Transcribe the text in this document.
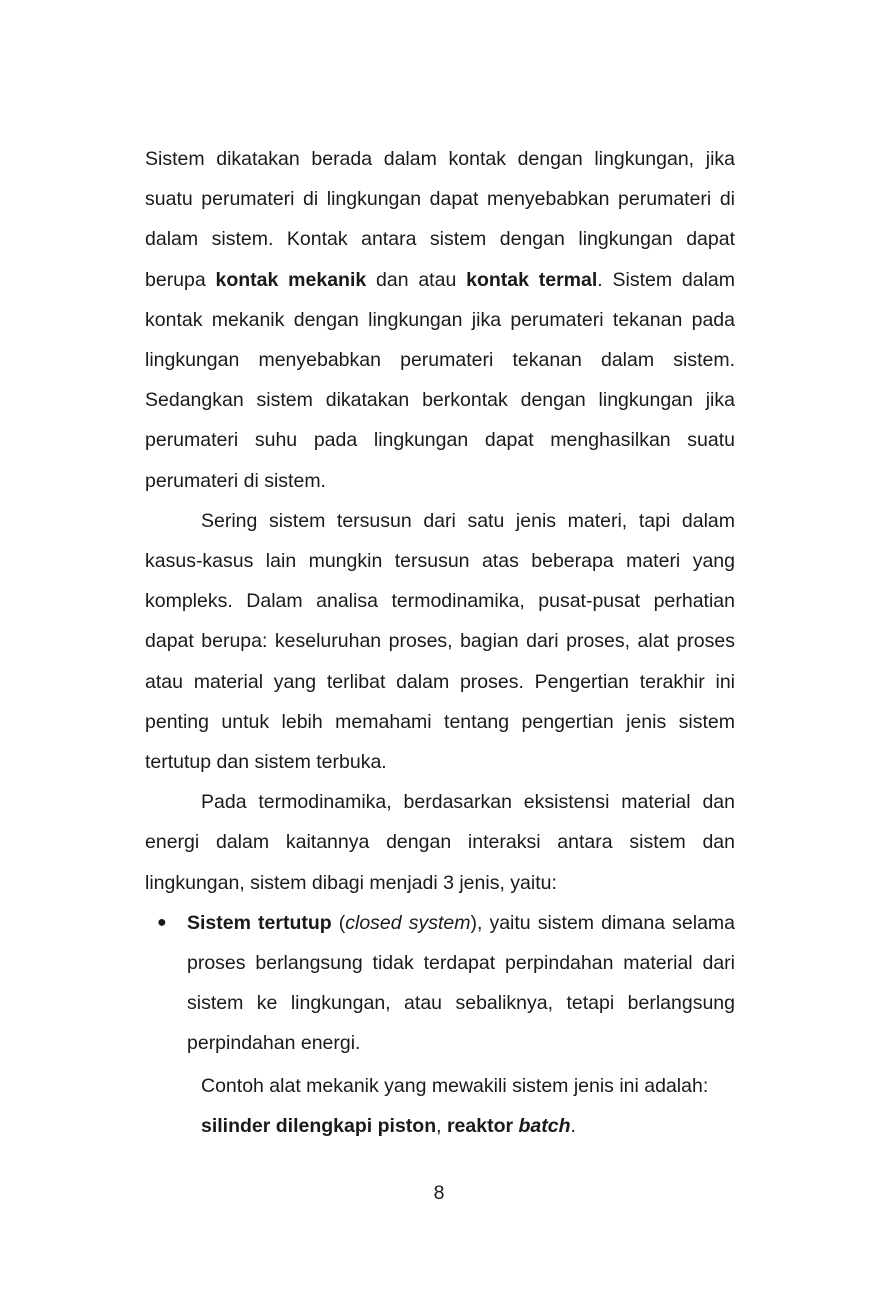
Sistem dikatakan berada dalam kontak dengan lingkungan, jika suatu perumateri di lingkungan dapat menyebabkan perumateri di dalam sistem. Kontak antara sistem dengan lingkungan dapat berupa kontak mekanik dan atau kontak termal. Sistem dalam kontak mekanik dengan lingkungan jika perumateri tekanan pada lingkungan menyebabkan perumateri tekanan dalam sistem. Sedangkan sistem dikatakan berkontak dengan lingkungan jika perumateri suhu pada lingkungan dapat menghasilkan suatu perumateri di sistem.

Sering sistem tersusun dari satu jenis materi, tapi dalam kasus-kasus lain mungkin tersusun atas beberapa materi yang kompleks. Dalam analisa termodinamika, pusat-pusat perhatian dapat berupa: keseluruhan proses, bagian dari proses, alat proses atau material yang terlibat dalam proses. Pengertian terakhir ini penting untuk lebih memahami tentang pengertian jenis sistem tertutup dan sistem terbuka.

Pada termodinamika, berdasarkan eksistensi material dan energi dalam kaitannya dengan interaksi antara sistem dan lingkungan, sistem dibagi menjadi 3 jenis, yaitu:

●	Sistem tertutup (closed system), yaitu sistem dimana selama proses berlangsung tidak terdapat perpindahan material dari sistem ke lingkungan, atau sebaliknya, tetapi berlangsung perpindahan energi.

Contoh alat mekanik yang mewakili sistem jenis ini adalah: silinder dilengkapi piston, reaktor batch.

8
